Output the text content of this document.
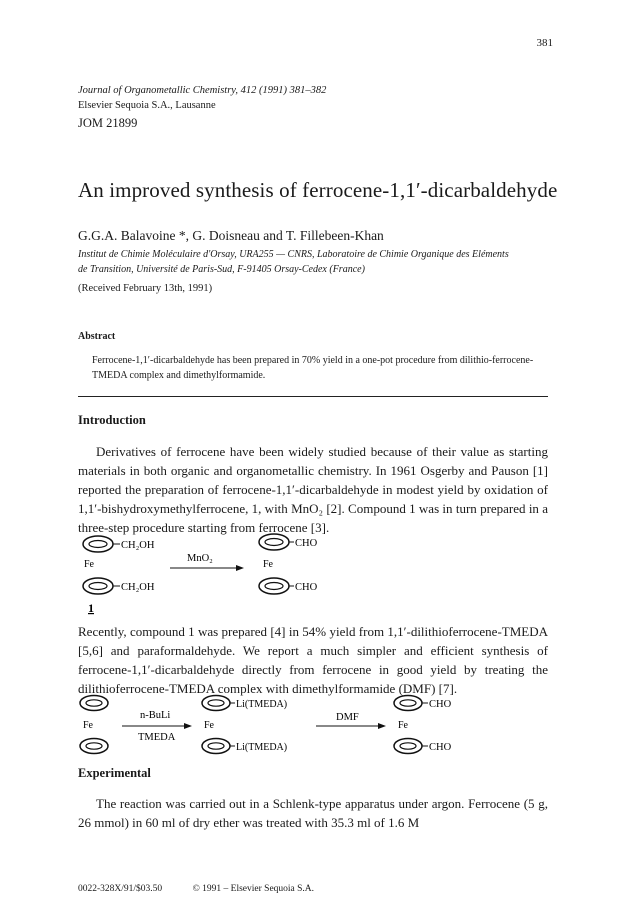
381
Journal of Organometallic Chemistry, 412 (1991) 381–382
Elsevier Sequoia S.A., Lausanne
JOM 21899
An improved synthesis of ferrocene-1,1′-dicarbaldehyde
G.G.A. Balavoine *, G. Doisneau and T. Fillebeen-Khan
Institut de Chimie Moléculaire d'Orsay, URA255 — CNRS, Laboratoire de Chimie Organique des Eléments
de Transition, Université de Paris-Sud, F-91405 Orsay-Cedex (France)
(Received February 13th, 1991)
Abstract
Ferrocene-1,1′-dicarbaldehyde has been prepared in 70% yield in a one-pot procedure from dilithio-ferrocene-TMEDA complex and dimethylformamide.
Introduction
Derivatives of ferrocene have been widely studied because of their value as starting materials in both organic and organometallic chemistry. In 1961 Osgerby and Pauson [1] reported the preparation of ferrocene-1,1′-dicarbaldehyde in modest yield by oxidation of 1,1′-bishydroxymethylferrocene, 1, with MnO₂ [2]. Compound 1 was in turn prepared in a three-step procedure starting from ferrocene [3].
CH₂OH
Fe
CH₂OH
1
MnO₂
CHO
Fe
CHO
Recently, compound 1 was prepared [4] in 54% yield from 1,1′-dilithioferrocene-TMEDA [5,6] and paraformaldehyde. We report a much simpler and efficient synthesis of ferrocene-1,1′-dicarbaldehyde directly from ferrocene in good yield by treating the dilithioferrocene-TMEDA complex with dimethylformamide (DMF) [7].
Fe
n-BuLi
TMEDA
Li(TMEDA)
Fe
Li(TMEDA)
DMF
CHO
Fe
CHO
Experimental
The reaction was carried out in a Schlenk-type apparatus under argon. Ferrocene (5 g, 26 mmol) in 60 ml of dry ether was treated with 35.3 ml of 1.6 M
0022-328X/91/$03.50	© 1991 – Elsevier Sequoia S.A.
